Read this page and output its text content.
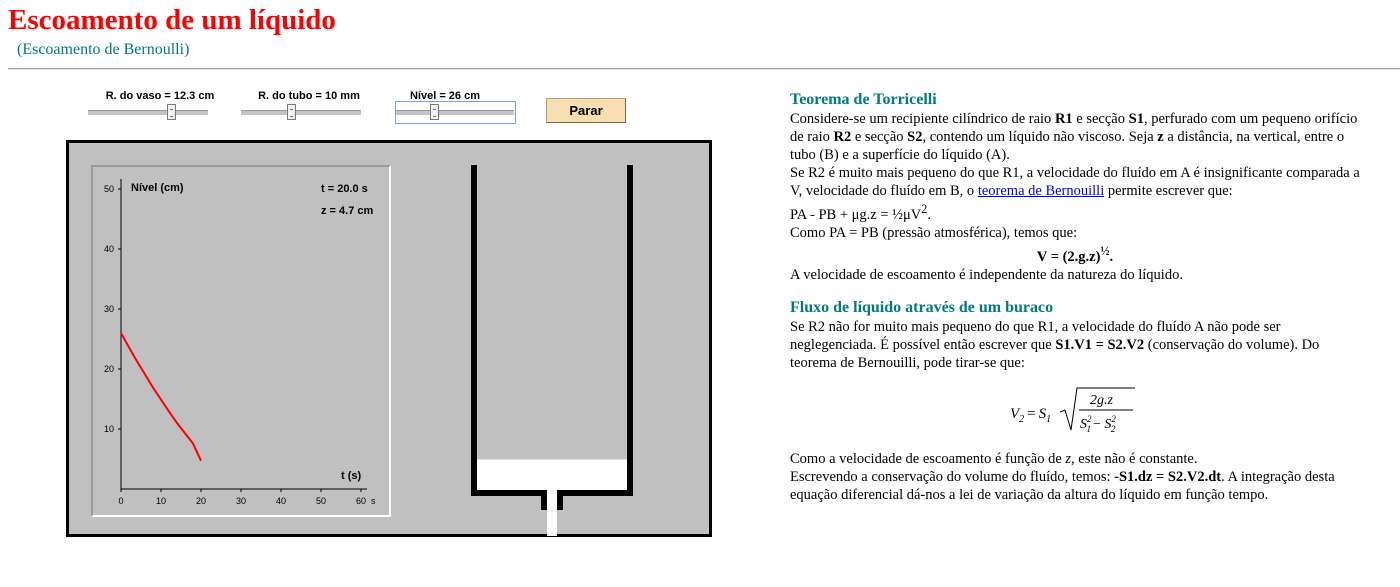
Escoamento de um líquido
(Escoamento de Bernoulli)
R. do vaso = 12.3 cm	R. do tubo = 10 mm	Nível = 26 cm
Parar
50
40
30
20
10
0	10	20	30	40	50	60 s
Nível (cm)
t (s)
t = 20.0 s
z = 4.7 cm
Teorema de Torricelli

Considere-se um recipiente cilíndrico de raio R1 e secção S1, perfurado com um pequeno orifício de raio R2 e secção S2, contendo um líquido não viscoso. Seja z a distância, na vertical, entre o tubo (B) e a superfície do líquido (A).

Se R2 é muito mais pequeno do que R1, a velocidade do fluído em A é insignificante comparada a V, velocidade do fluído em B, o teorema de Bernouilli permite escrever que:

PA - PB + $\mu g.z = \frac{1}{2}\mu V^2$.

Como PA = PB (pressão atmosférica), temos que:

$V = (2.g.z)^{\frac{1}{2}}$.

A velocidade de escoamento é independente da natureza do líquido.

Fluxo de líquido através de um buraco

Se R2 não for muito mais pequeno do que R1, a velocidade do fluído A não pode ser neglegenciada. É possível então escrever que S1.V1 = S2.V2 (conservação do volume). Do teorema de Bernouilli, pode tirar-se que:

$V_2 = S_1$
2g.z
$S^2$ $1 - S^2$ 2

Como a velocidade de escoamento é função de z, este não é constante.

Escrevendo a conservação do volume do fluído, temos: -S1.dz = S2.V2.dt. A integração desta equação diferencial dá-nos a lei de variação da altura do líquido em função tempo.
